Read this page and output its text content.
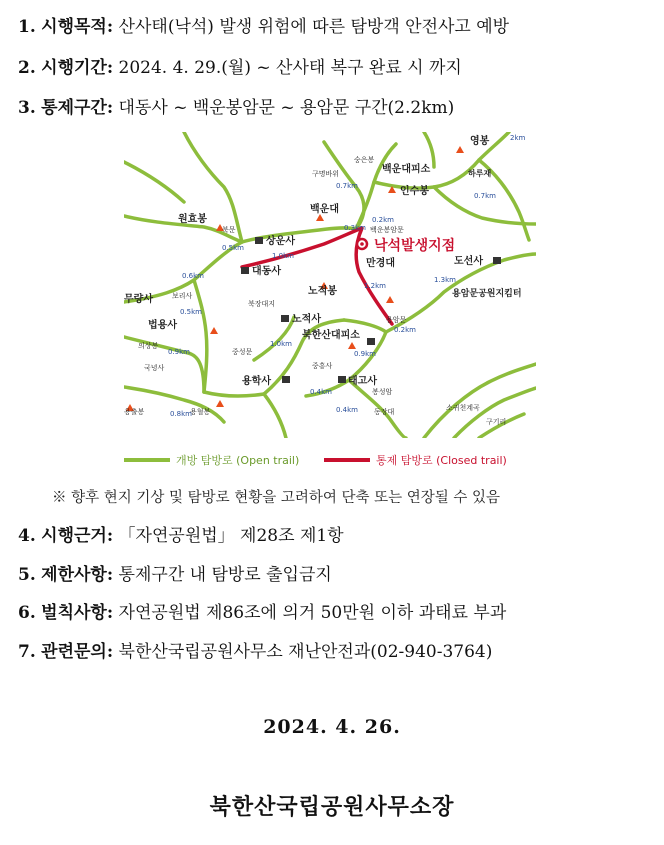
1. 시행목적: 산사태(낙석) 발생 위험에 따른 탐방객 안전사고 예방
2. 시행기간: 2024. 4. 29.(월) ~ 산사태 복구 완료 시 까지
3. 통제구간: 대동사 ~ 백운봉암문 ~ 용암문 구간(2.2km)
낙석발생지점
영봉
하루재
인수봉
백운대피소
백운대
백운봉암문
만경대	도선사
원효봉
상운사
대동사
노적봉
노적사	용암문
북한산대피소
법용사
용학사	태고사
용암문공원지킴터
무량사
북문
보리사
중성문
중흥사
봉성암
동장대	소귀천계곡
구기리
용출봉	용혈봉
국녕사
의상봉
북장대지
구명바위
숭은봉
0.7km
0.3km
0.2km
1.0km
1.2km
0.6km
1.0km
0.9km
0.5km
0.2km
0.4km
0.8km
0.5km
0.9km
0.4km
1.3km
0.7km
2km
개방 탐방로 (Open trail)	통제 탐방로 (Closed trail)
※ 향후 현지 기상 및 탐방로 현황을 고려하여 단축 또는 연장될 수 있음
4. 시행근거: 「자연공원법」 제28조 제1항
5. 제한사항: 통제구간 내 탐방로 출입금지
6. 벌칙사항: 자연공원법 제86조에 의거 50만원 이하 과태료 부과
7. 관련문의: 북한산국립공원사무소 재난안전과(02-940-3764)
2024. 4. 26.
북한산국립공원사무소장
